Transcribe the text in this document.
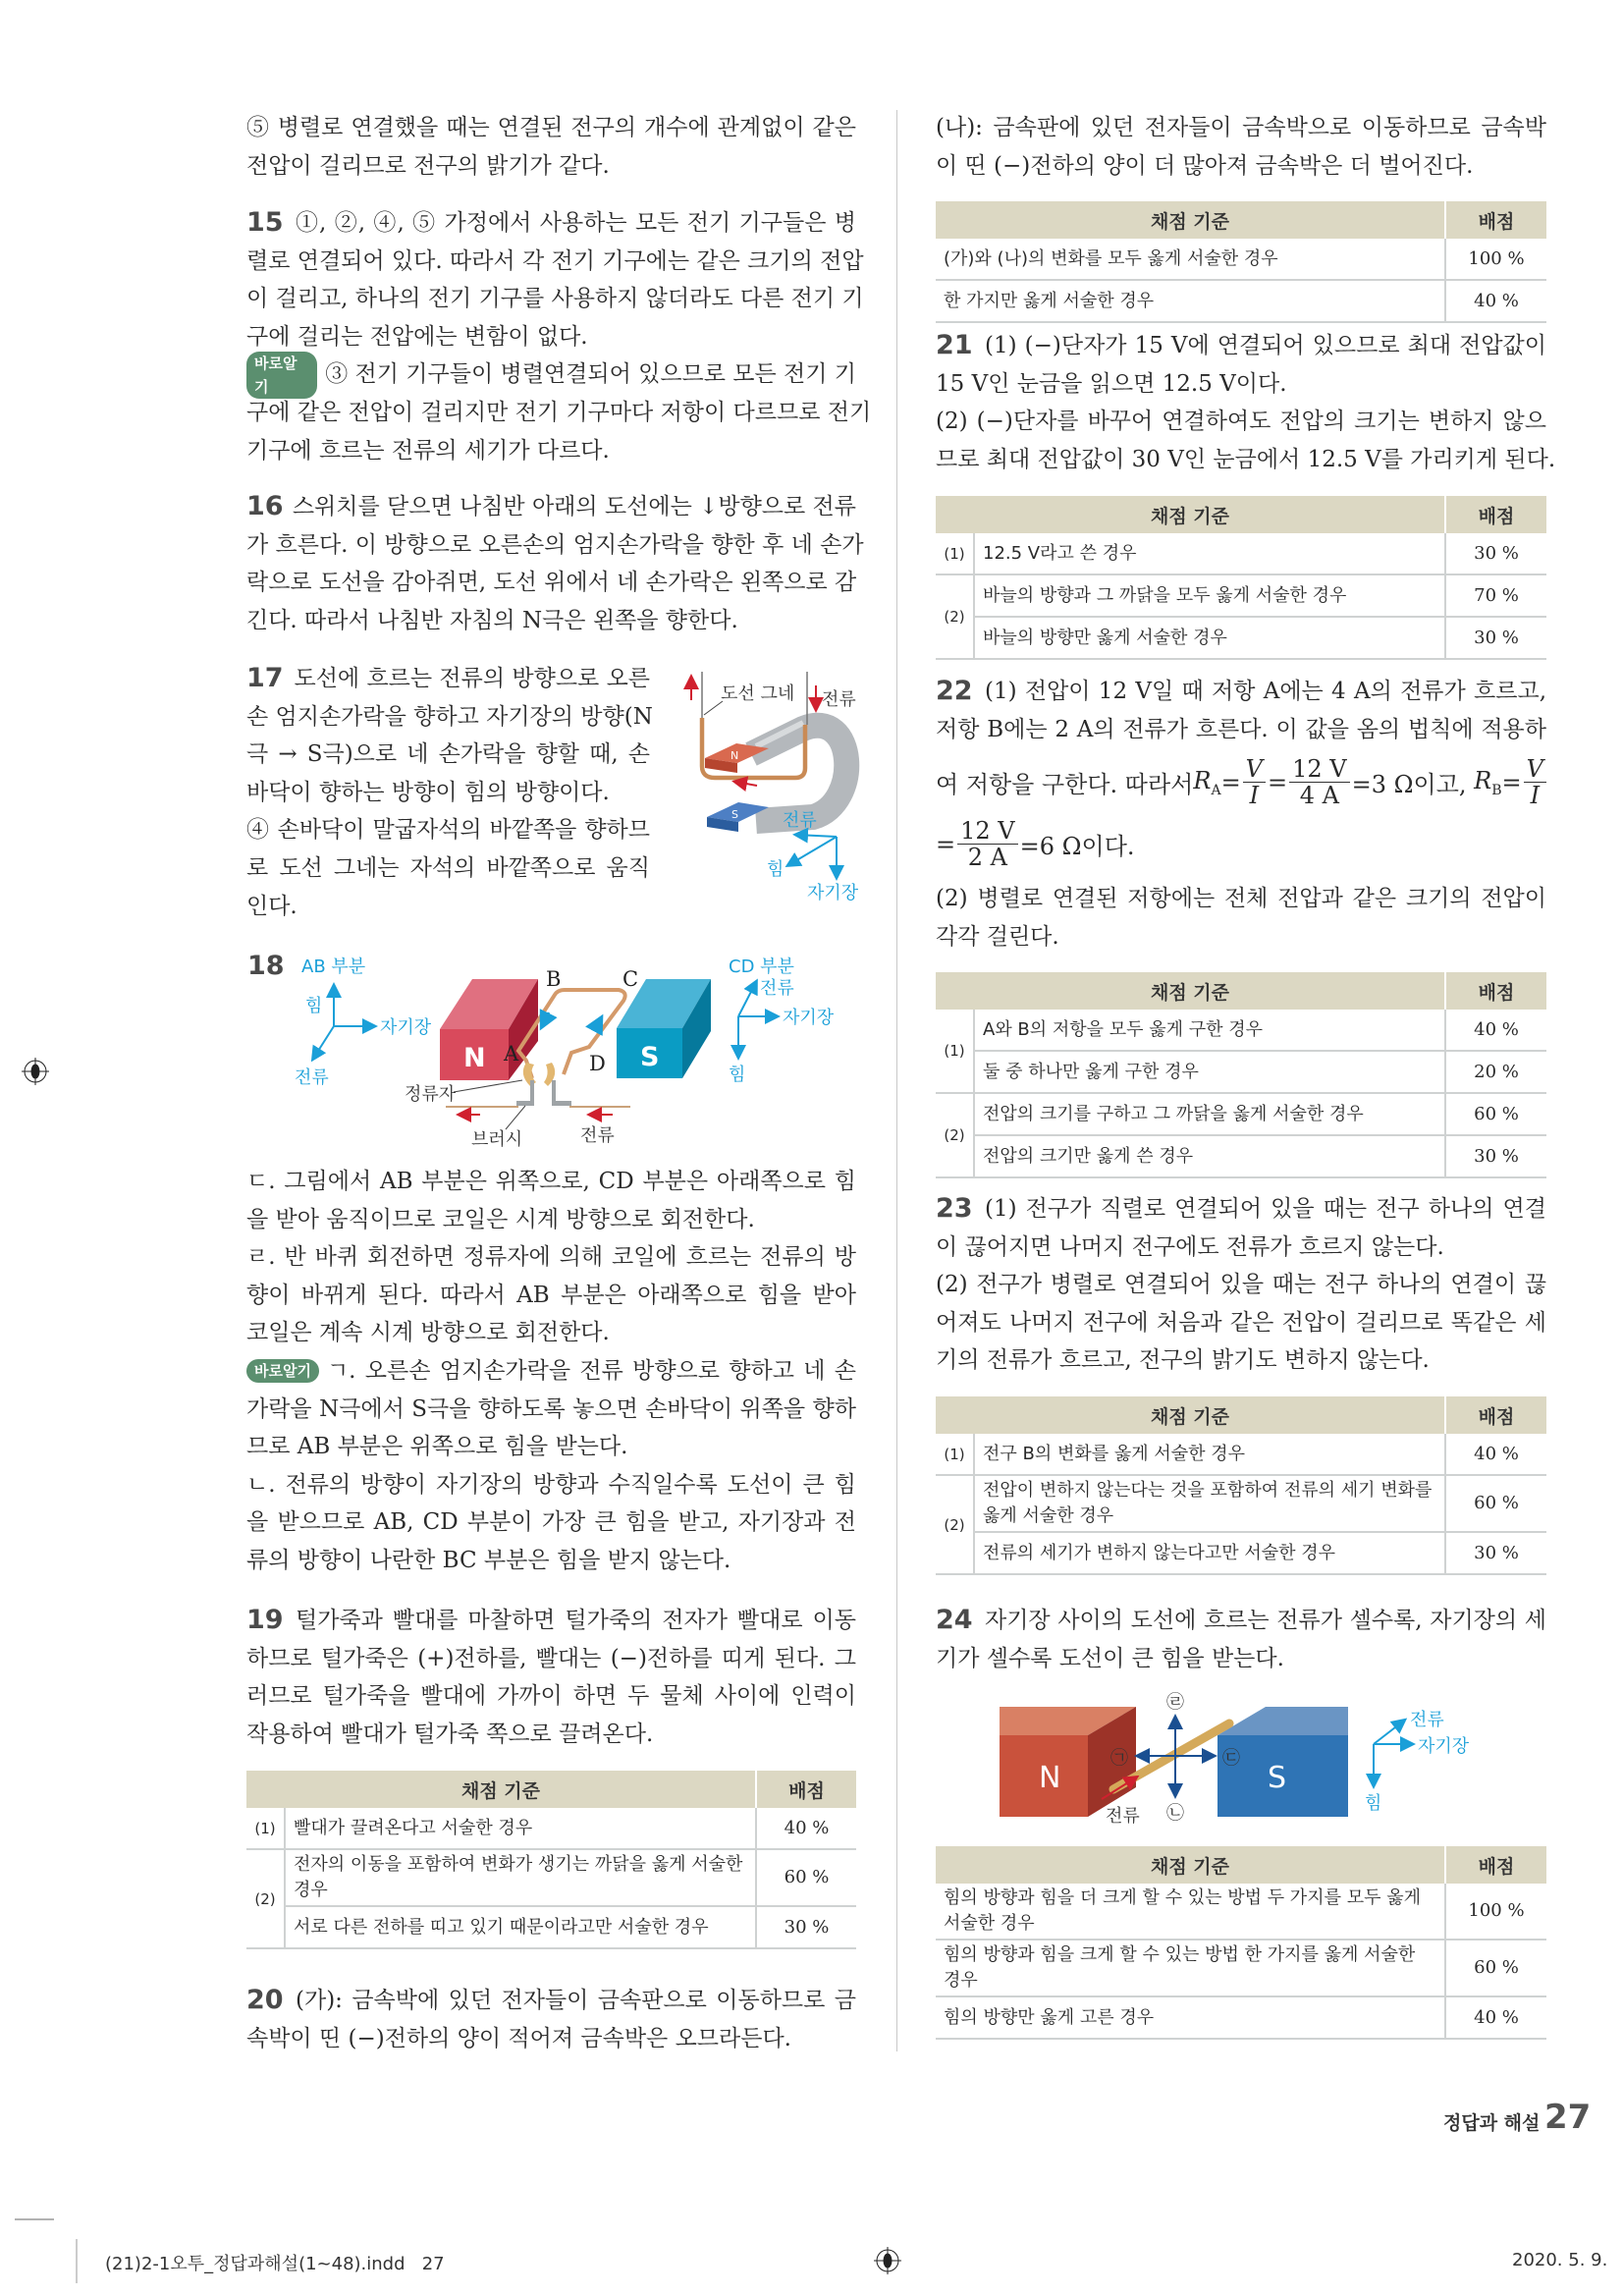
⑤ 병렬로 연결했을 때는 연결된 전구의 개수에 관계없이 같은
전압이 걸리므로 전구의 밝기가 같다.
15 ①, ②, ④, ⑤ 가정에서 사용하는 모든 전기 기구들은 병
렬로 연결되어 있다. 따라서 각 전기 기구에는 같은 크기의 전압
이 걸리고, 하나의 전기 기구를 사용하지 않더라도 다른 전기 기
구에 걸리는 전압에는 변함이 없다.
바로알기	③ 전기 기구들이 병렬연결되어 있으므로 모든 전기 기
구에 같은 전압이 걸리지만 전기 기구마다 저항이 다르므로 전기
기구에 흐르는 전류의 세기가 다르다.
16 스위치를 닫으면 나침반 아래의 도선에는 ↓방향으로 전류
가 흐른다. 이 방향으로 오른손의 엄지손가락을 향한 후 네 손가
락으로 도선을 감아쥐면, 도선 위에서 네 손가락은 왼쪽으로 감
긴다. 따라서 나침반 자침의 N극은 왼쪽을 향한다.
17 도선에 흐르는 전류의 방향으로 오른
손 엄지손가락을 향하고 자기장의 방향(N
극 → S극)으로 네 손가락을 향할 때, 손
바닥이 향하는 방향이 힘의 방향이다.
④ 손바닥이 말굽자석의 바깥쪽을 향하므
로 도선 그네는 자석의 바깥쪽으로 움직
인다.
ㄷ. 그림에서 AB 부분은 위쪽으로, CD 부분은 아래쪽으로 힘
을 받아 움직이므로 코일은 시계 방향으로 회전한다.
ㄹ. 반 바퀴 회전하면 정류자에 의해 코일에 흐르는 전류의 방
향이 바뀌게 된다. 따라서 AB 부분은 아래쪽으로 힘을 받아
코일은 계속 시계 방향으로 회전한다.
바로알기 ㄱ. 오른손 엄지손가락을 전류 방향으로 향하고 네 손
가락을 N극에서 S극을 향하도록 놓으면 손바닥이 위쪽을 향하
므로 AB 부분은 위쪽으로 힘을 받는다.
ㄴ. 전류의 방향이 자기장의 방향과 수직일수록 도선이 큰 힘
을 받으므로 AB, CD 부분이 가장 큰 힘을 받고, 자기장과 전
류의 방향이 나란한 BC 부분은 힘을 받지 않는다.
19 털가죽과 빨대를 마찰하면 털가죽의 전자가 빨대로 이동
하므로 털가죽은 (+)전하를, 빨대는 (−)전하를 띠게 된다. 그
러므로 털가죽을 빨대에 가까이 하면 두 물체 사이에 인력이
작용하여 빨대가 털가죽 쪽으로 끌려온다.
20 (가): 금속박에 있던 전자들이 금속판으로 이동하므로 금
속박이 띤 (−)전하의 양이 적어져 금속박은 오므라든다.
(나): 금속판에 있던 전자들이 금속박으로 이동하므로 금속박
이 띤 (−)전하의 양이 더 많아져 금속박은 더 벌어진다.
21 (1) (−)단자가 15 V에 연결되어 있으므로 최대 전압값이
15 V인 눈금을 읽으면 12.5 V이다.
(2) (−)단자를 바꾸어 연결하여도 전압의 크기는 변하지 않으
므로 최대 전압값이 30 V인 눈금에서 12.5 V를 가리키게 된다.
22 (1) 전압이 12 V일 때 저항 A에는 4 A의 전류가 흐르고,
저항 B에는 2 A의 전류가 흐른다. 이 값을 옴의 법칙에 적용하
(2) 병렬로 연결된 저항에는 전체 전압과 같은 크기의 전압이
각각 걸린다.
23 (1) 전구가 직렬로 연결되어 있을 때는 전구 하나의 연결
이 끊어지면 나머지 전구에도 전류가 흐르지 않는다.
(2) 전구가 병렬로 연결되어 있을 때는 전구 하나의 연결이 끊
어져도 나머지 전구에 처음과 같은 전압이 걸리므로 똑같은 세
기의 전류가 흐르고, 전구의 밝기도 변하지 않는다.
24 자기장 사이의 도선에 흐르는 전류가 셀수록, 자기장의 세
기가 셀수록 도선이 큰 힘을 받는다.
여 저항을 구한다. 따라서 $R_A = \frac{V}{I} = \frac{12 V}{4 A} =3$ Ω이고, $R_B = \frac{V}{I}$
= $\frac{12 V}{2 A} =6$ Ω이다.
18
N
S
도선 그네 전류
전류
힘
자기장
AB 부분
힘
자기장
전류
N	S
B	C
A	D
정류자
브러시	전류
CD 부분
전류
자기장
힘
N	S
㉣
㉡
㉠	㉢
전류
전류
자기장
힘
정답과 해설 27
(21)2-1오투_정답과해설(1~48).indd   27	2020. 5. 9.
채점 기준		배점
(1)	빨대가 끌려온다고 서술한 경우	40 %
(2)	전자의 이동을 포함하여 변화가 생기는 까닭을 옳게 서술한 경우	60 %
	서로 다른 전하를 띠고 있기 때문이라고만 서술한 경우	30 %
채점 기준	배점
(가)와 (나)의 변화를 모두 옳게 서술한 경우	100 %
한 가지만 옳게 서술한 경우	40 %
채점 기준		배점
(1)	12.5 V라고 쓴 경우	30 %
(2)	바늘의 방향과 그 까닭을 모두 옳게 서술한 경우	70 %
	바늘의 방향만 옳게 서술한 경우	30 %
채점 기준		배점
(1)	A와 B의 저항을 모두 옳게 구한 경우	40 %
	둘 중 하나만 옳게 구한 경우	20 %
(2)	전압의 크기를 구하고 그 까닭을 옳게 서술한 경우	60 %
	전압의 크기만 옳게 쓴 경우	30 %
채점 기준		배점
(1)	전구 B의 변화를 옳게 서술한 경우	40 %
(2)	전압이 변하지 않는다는 것을 포함하여 전류의 세기 변화를 옳게 서술한 경우	60 %
	전류의 세기가 변하지 않는다고만 서술한 경우	30 %
채점 기준	배점
힘의 방향과 힘을 더 크게 할 수 있는 방법 두 가지를 모두 옳게 서술한 경우	100 %
힘의 방향과 힘을 크게 할 수 있는 방법 한 가지를 옳게 서술한 경우	60 %
힘의 방향만 옳게 고른 경우	40 %
